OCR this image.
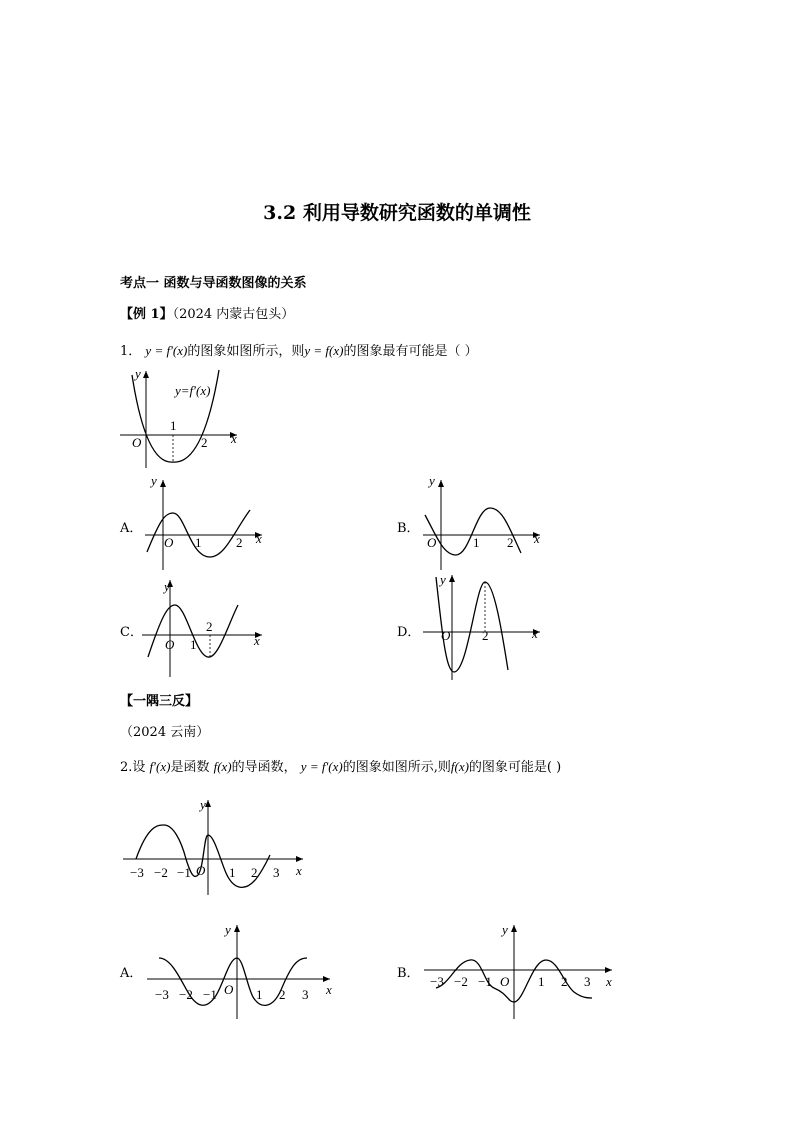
3.2 利用导数研究函数的单调性
考点一 函数与导函数图像的关系
【例 1】（2024 内蒙古包头）
1． y = f′(x)的图象如图所示，则y = f(x)的图象最有可能是（ ）
y
x
O
1
2
y=f′(x)
A．
y
x
O 1	2
B．
y
x
O	1 2
C．
y
x
O 1
2	D．
y
x
O 2
【一隅三反】
（2024 云南）
2.设 f′(x)是函数 f(x)的导函数， y = f′(x)的图象如图所示,则f(x)的图象可能是( )
y
x
O
−3 −2 −1	1 2 3
A．
y
x
O
−3 −2 −1	1 2 3
B．
y
x
O
−3 −2 −1	1 2 3
